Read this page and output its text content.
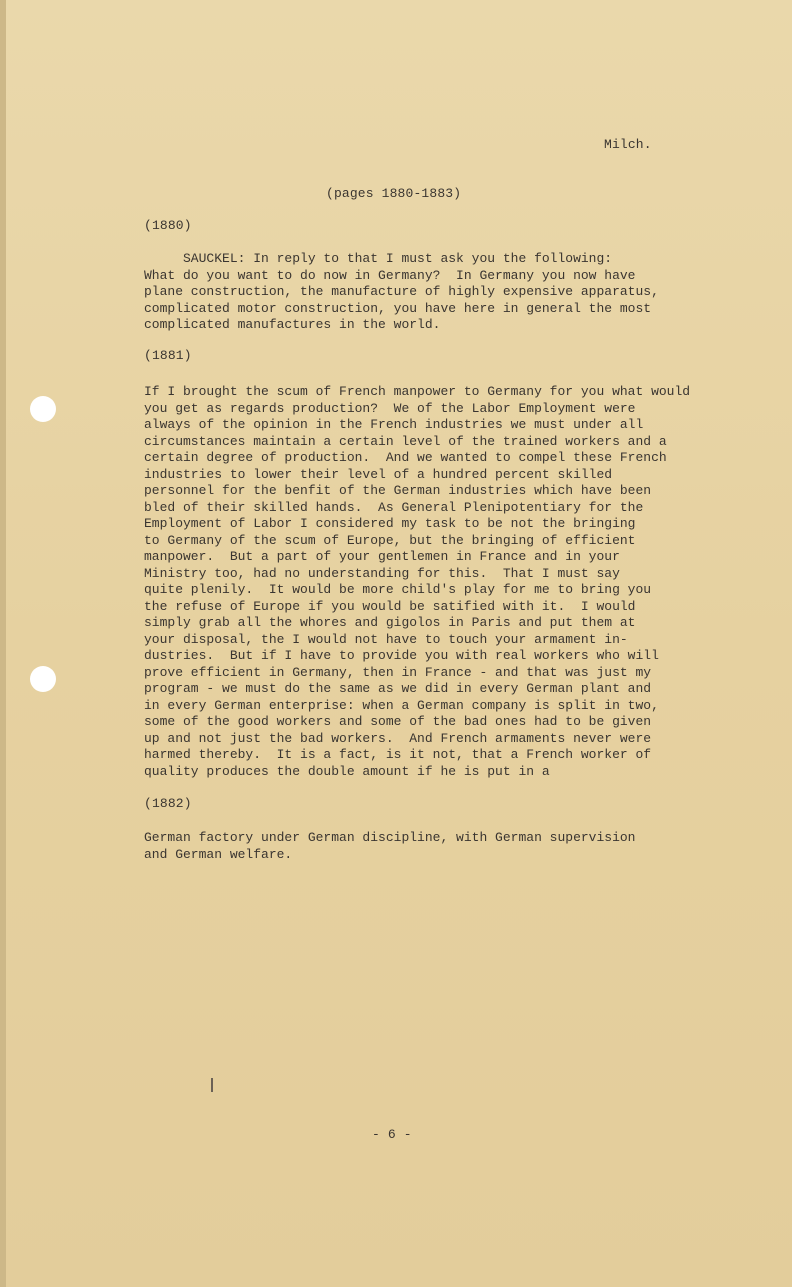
Milch.
(pages 1880-1883)
(1880)
SAUCKEL: In reply to that I must ask you the following:
What do you want to do now in Germany?  In Germany you now have
plane construction, the manufacture of highly expensive apparatus,
complicated motor construction, you have here in general the most
complicated manufactures in the world.
(1881)
If I brought the scum of French manpower to Germany for you what would
you get as regards production?  We of the Labor Employment were
always of the opinion in the French industries we must under all
circumstances maintain a certain level of the trained workers and a
certain degree of production.  And we wanted to compel these French
industries to lower their level of a hundred percent skilled
personnel for the benfit of the German industries which have been
bled of their skilled hands.  As General Plenipotentiary for the
Employment of Labor I considered my task to be not the bringing
to Germany of the scum of Europe, but the bringing of efficient
manpower.  But a part of your gentlemen in France and in your
Ministry too, had no understanding for this.  That I must say
quite plenily.  It would be more child's play for me to bring you
the refuse of Europe if you would be satified with it.  I would
simply grab all the whores and gigolos in Paris and put them at
your disposal, the I would not have to touch your armament in-
dustries.  But if I have to provide you with real workers who will
prove efficient in Germany, then in France - and that was just my
program - we must do the same as we did in every German plant and
in every German enterprise: when a German company is split in two,
some of the good workers and some of the bad ones had to be given
up and not just the bad workers.  And French armaments never were
harmed thereby.  It is a fact, is it not, that a French worker of
quality produces the double amount if he is put in a
(1882)
German factory under German discipline, with German supervision
and German welfare.
- 6 -
